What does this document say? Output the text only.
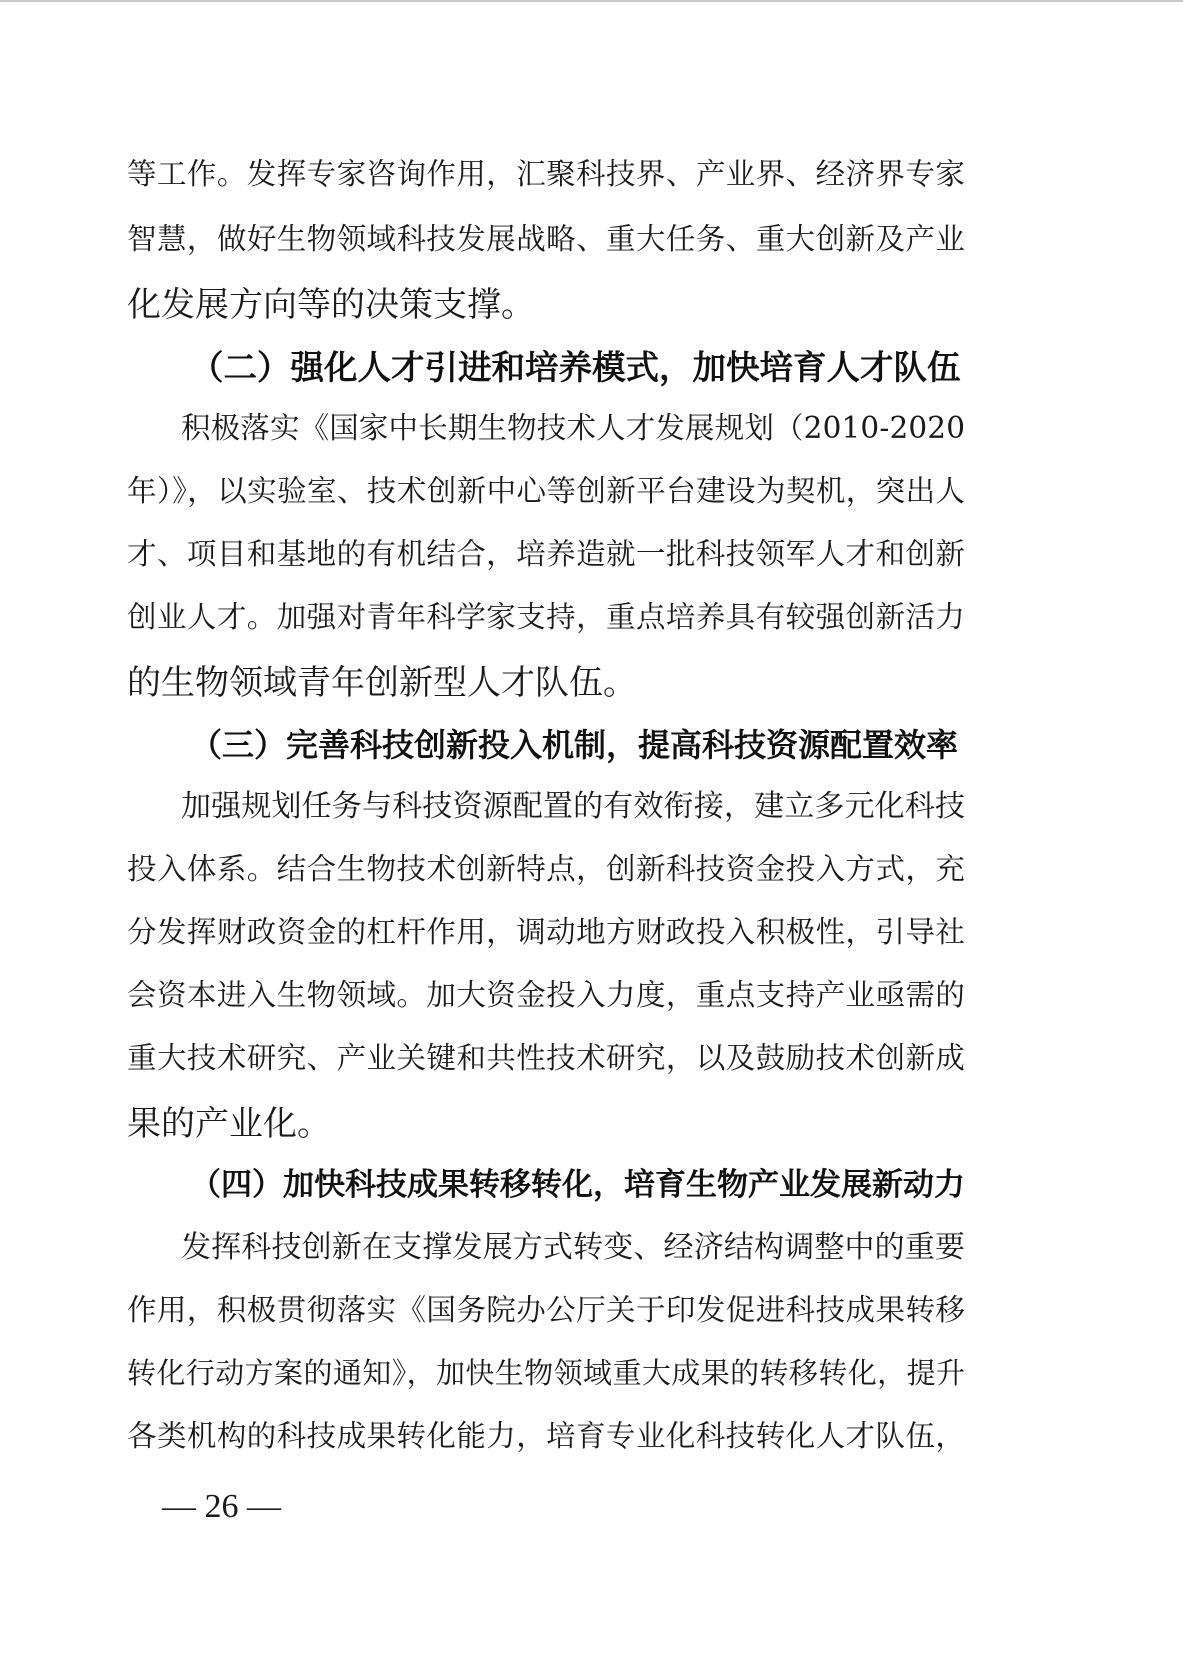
等工作。发挥专家咨询作用，汇聚科技界、产业界、经济界专家

智慧，做好生物领域科技发展战略、重大任务、重大创新及产业

化发展方向等的决策支撑。

（二）强化人才引进和培养模式，加快培育人才队伍

积极落实《国家中长期生物技术人才发展规划（2010-2020

年）》，以实验室、技术创新中心等创新平台建设为契机，突出人

才、项目和基地的有机结合，培养造就一批科技领军人才和创新

创业人才。加强对青年科学家支持，重点培养具有较强创新活力

的生物领域青年创新型人才队伍。

（三）完善科技创新投入机制，提高科技资源配置效率

加强规划任务与科技资源配置的有效衔接，建立多元化科技

投入体系。结合生物技术创新特点，创新科技资金投入方式，充

分发挥财政资金的杠杆作用，调动地方财政投入积极性，引导社

会资本进入生物领域。加大资金投入力度，重点支持产业亟需的

重大技术研究、产业关键和共性技术研究，以及鼓励技术创新成

果的产业化。

（四）加快科技成果转移转化，培育生物产业发展新动力

发挥科技创新在支撑发展方式转变、经济结构调整中的重要

作用，积极贯彻落实《国务院办公厅关于印发促进科技成果转移

转化行动方案的通知》，加快生物领域重大成果的转移转化，提升

各类机构的科技成果转化能力，培育专业化科技转化人才队伍，

— 26 —
